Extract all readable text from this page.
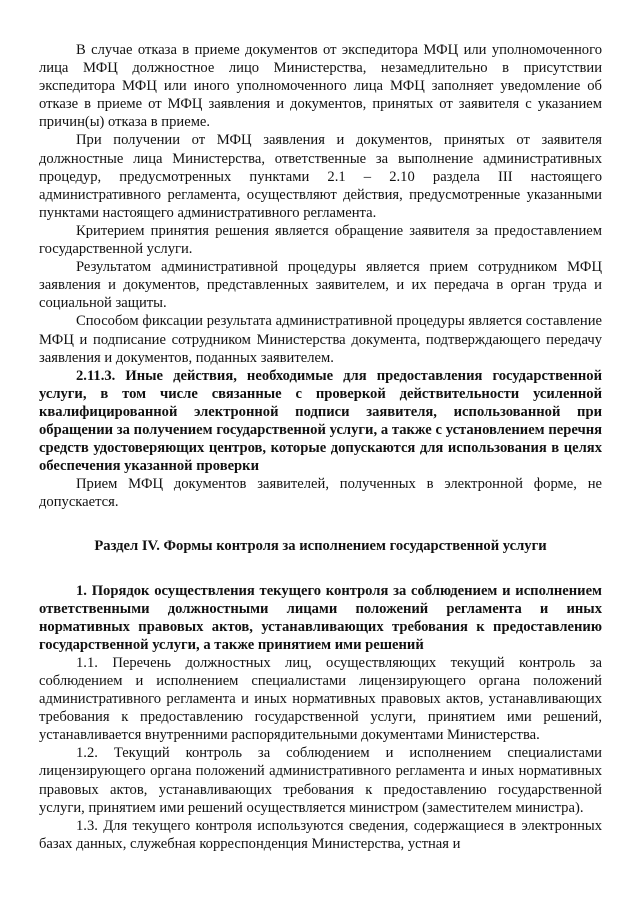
В случае отказа в приеме документов от экспедитора МФЦ или уполномоченного лица МФЦ должностное лицо Министерства, незамедлительно в присутствии экспедитора МФЦ или иного уполномоченного лица МФЦ заполняет уведомление об отказе в приеме от МФЦ заявления и документов, принятых от заявителя с указанием причин(ы) отказа в приеме.

При получении от МФЦ заявления и документов, принятых от заявителя должностные лица Министерства, ответственные за выполнение административных процедур, предусмотренных пунктами 2.1 – 2.10 раздела III настоящего административного регламента, осуществляют действия, предусмотренные указанными пунктами настоящего административного регламента.

Критерием принятия решения является обращение заявителя за предоставлением государственной услуги.

Результатом административной процедуры является прием сотрудником МФЦ заявления и документов, представленных заявителем, и их передача в орган труда и социальной защиты.

Способом фиксации результата административной процедуры является составление МФЦ и подписание сотрудником Министерства документа, подтверждающего передачу заявления и документов, поданных заявителем.

2.11.3. Иные действия, необходимые для предоставления государственной услуги, в том числе связанные с проверкой действительности усиленной квалифицированной электронной подписи заявителя, использованной при обращении за получением государственной услуги, а также с установлением перечня средств удостоверяющих центров, которые допускаются для использования в целях обеспечения указанной проверки

Прием МФЦ документов заявителей, полученных в электронной форме, не допускается.

Раздел IV. Формы контроля за исполнением государственной услуги

1. Порядок осуществления текущего контроля за соблюдением и исполнением ответственными должностными лицами положений регламента и иных нормативных правовых актов, устанавливающих требования к предоставлению государственной услуги, а также принятием ими решений

1.1. Перечень должностных лиц, осуществляющих текущий контроль за соблюдением и исполнением специалистами лицензирующего органа положений административного регламента и иных нормативных правовых актов, устанавливающих требования к предоставлению государственной услуги, принятием ими решений, устанавливается внутренними распорядительными документами Министерства.

1.2. Текущий контроль за соблюдением и исполнением специалистами лицензирующего органа положений административного регламента и иных нормативных правовых актов, устанавливающих требования к предоставлению государственной услуги, принятием ими решений осуществляется министром (заместителем министра).

1.3. Для текущего контроля используются сведения, содержащиеся в электронных базах данных, служебная корреспонденция Министерства, устная и
